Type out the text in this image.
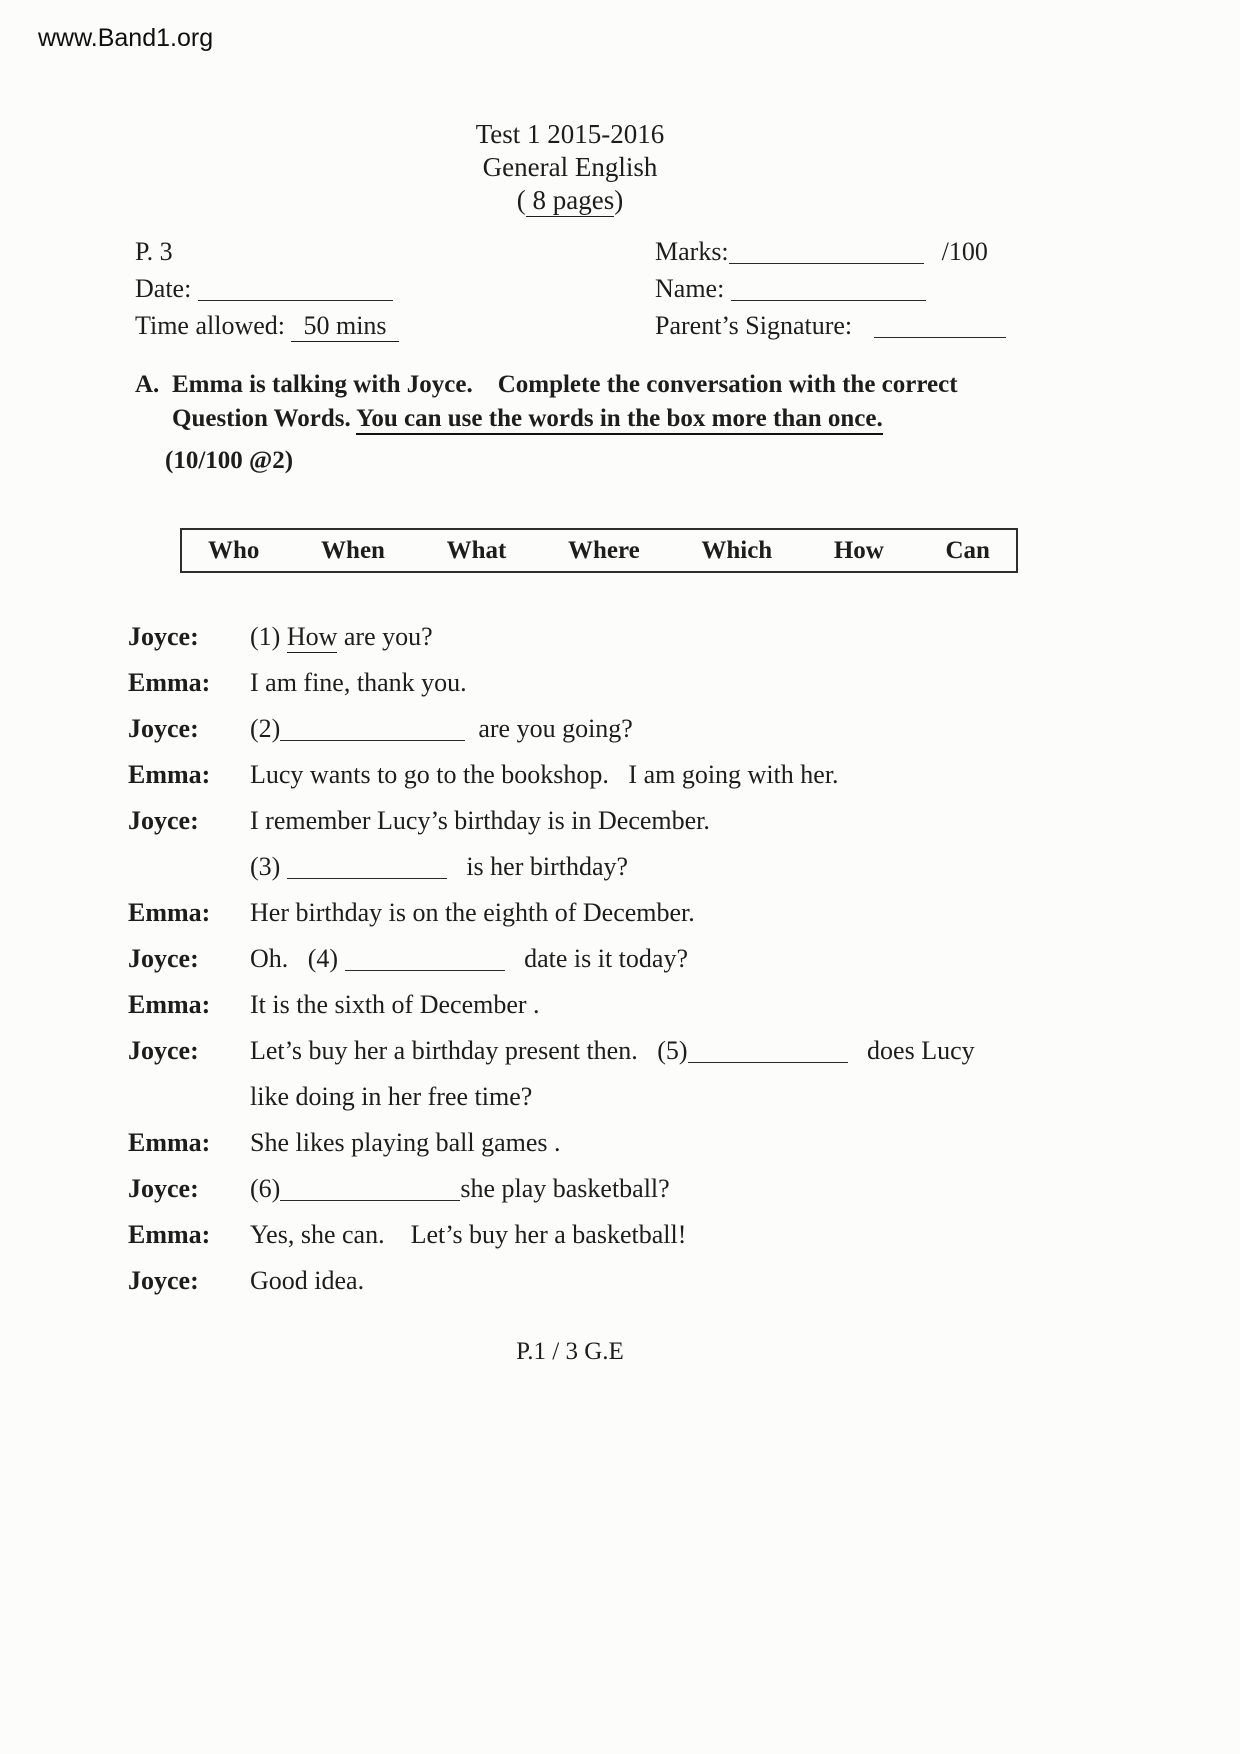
www.Band1.org
Test 1 2015-2016
General English
( 8 pages)
P. 3
Date:
Time allowed: 50 mins
Marks:	/100
Name:
Parent’s Signature:
A. Emma is talking with Joyce.    Complete the conversation with the correct
Question Words. You can use the words in the box more than once.
(10/100 @2)
Who When What Where Which How Can
Joyce:	(1) How are you?
Emma:	I am fine, thank you.
Joyce:	(2)	are you going?
Emma:	Lucy wants to go to the bookshop.   I am going with her.
Joyce:	I remember Lucy’s birthday is in December.
(3)	is her birthday?
Emma:	Her birthday is on the eighth of December.
Joyce:	Oh.   (4)	date is it today?
Emma:	It is the sixth of December .
Joyce:	Let’s buy her a birthday present then.   (5)	does Lucy
like doing in her free time?
Emma:	She likes playing ball games .
Joyce:	(6)	she play basketball?
Emma:	Yes, she can.    Let’s buy her a basketball!
Joyce:	Good idea.
P.1 / 3 G.E
